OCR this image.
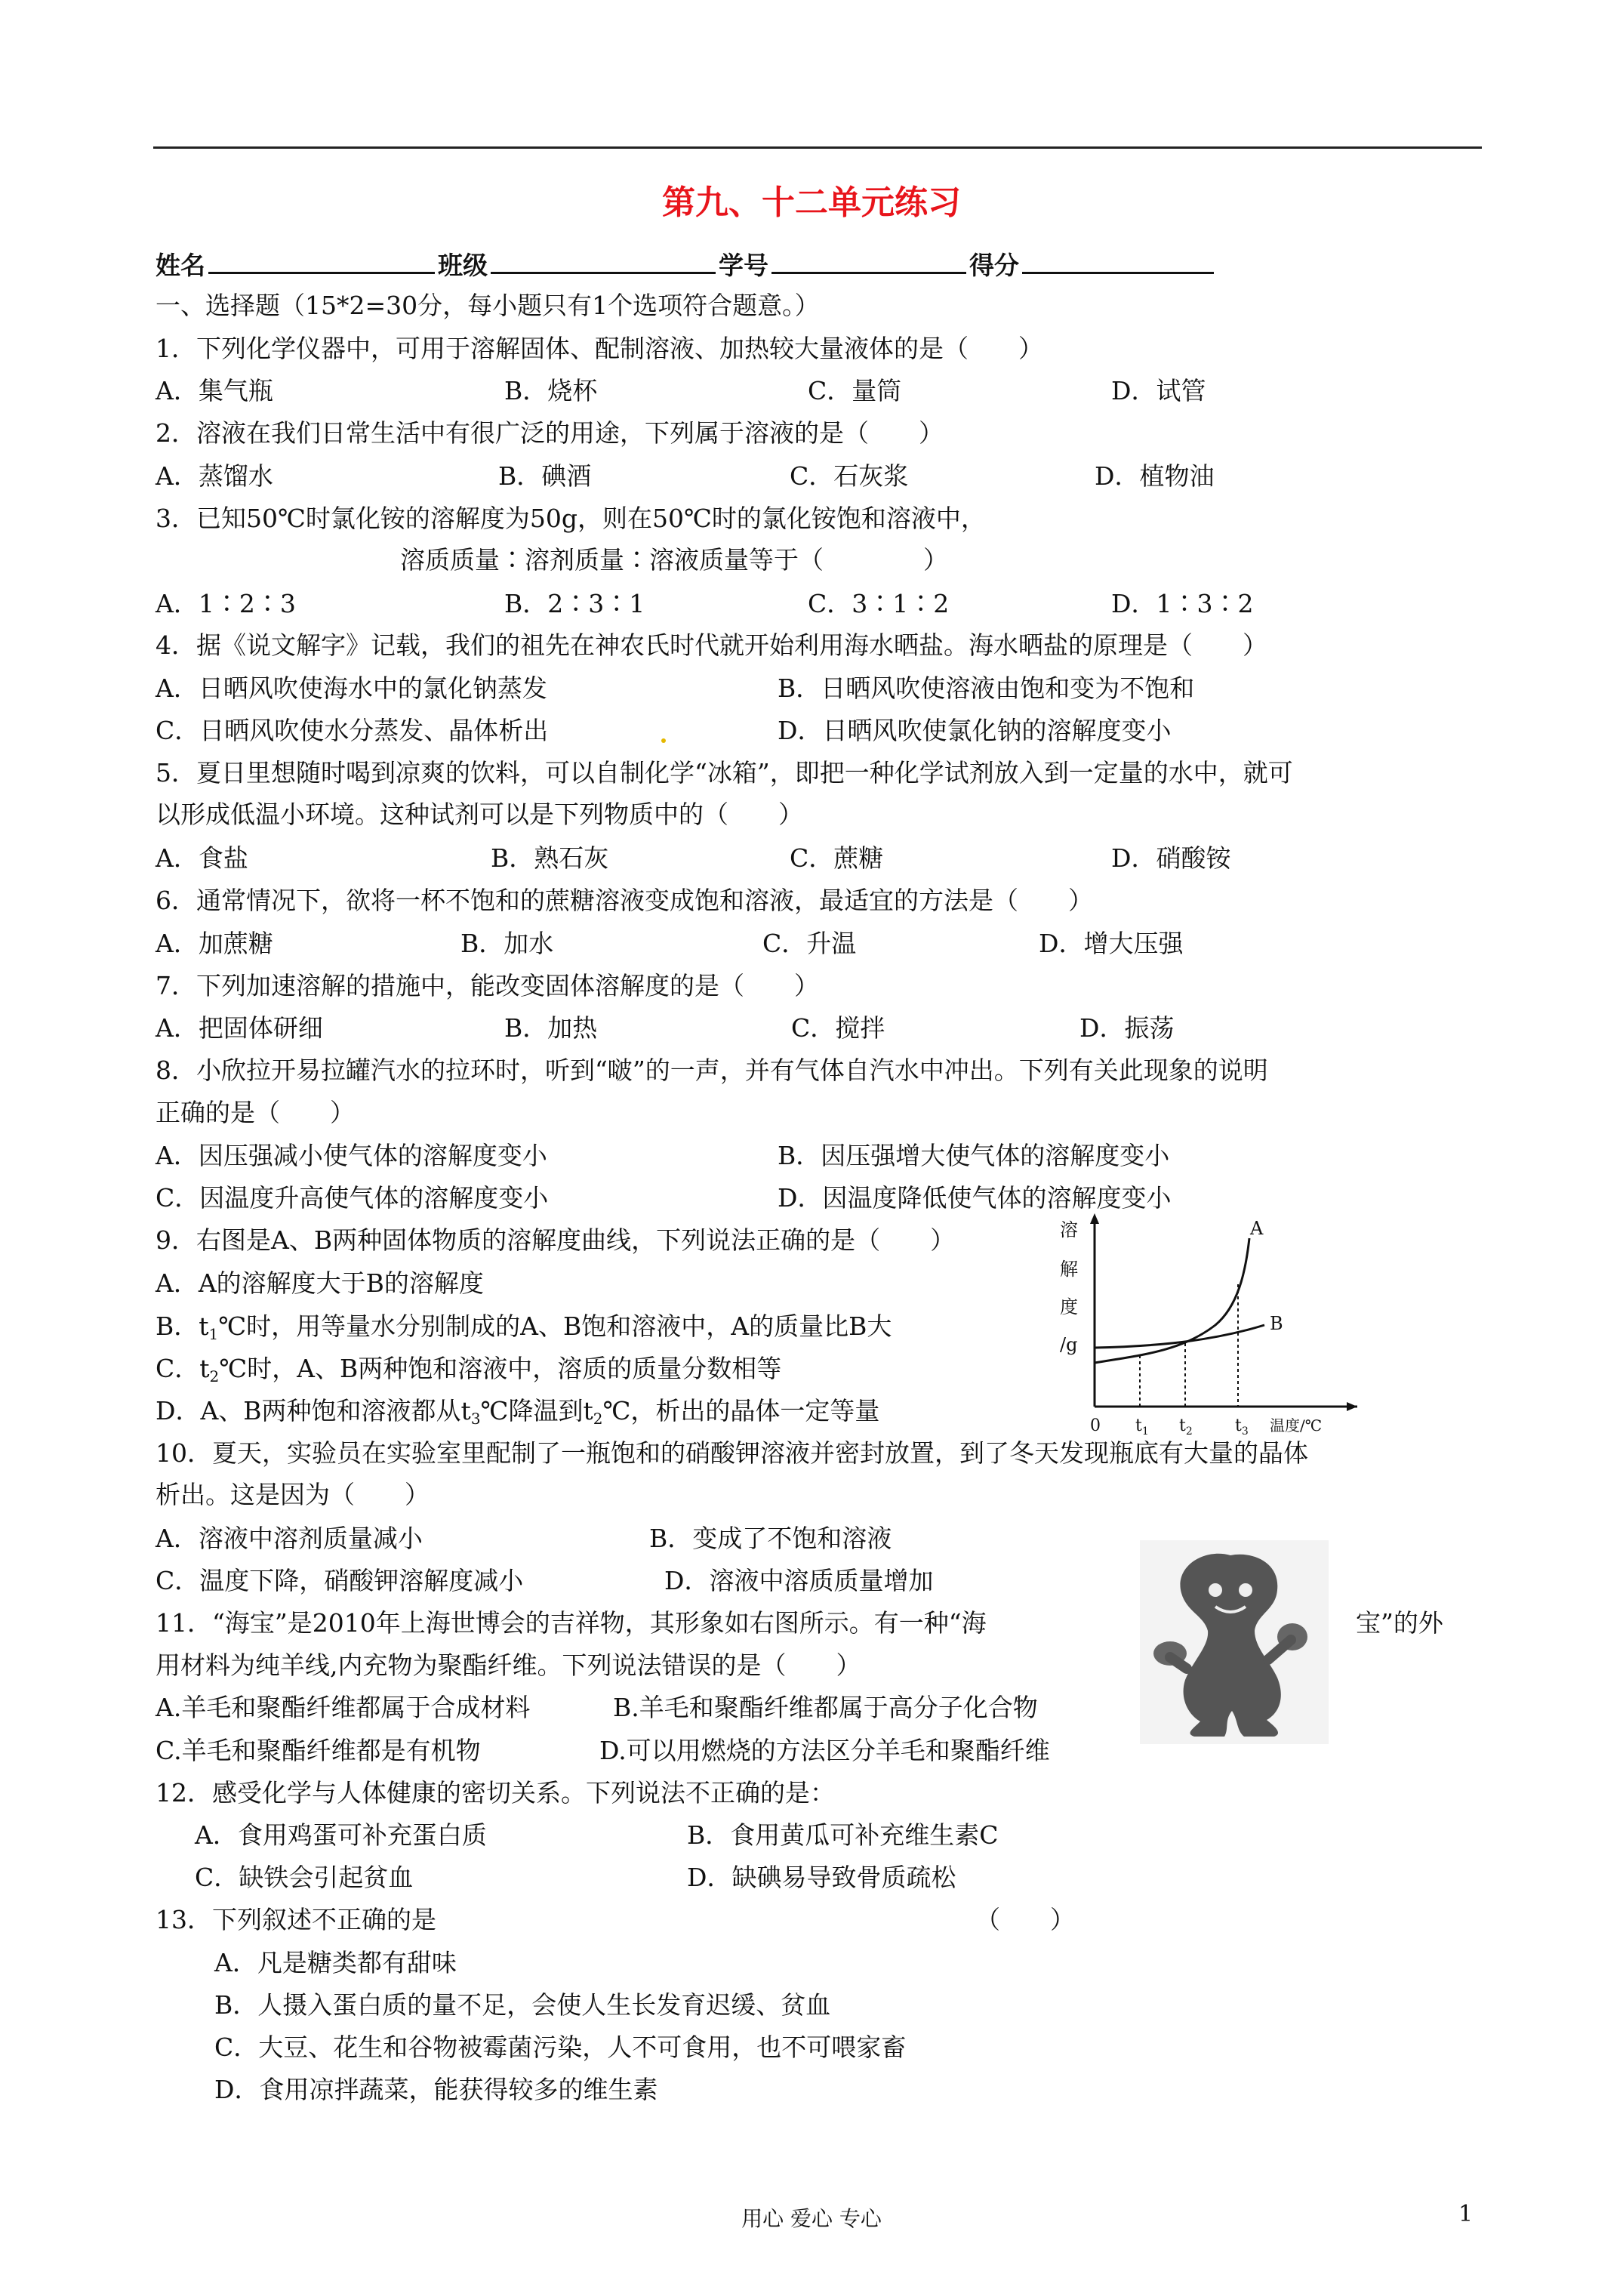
第九、十二单元练习
姓名	班级	学号	得分
一、选择题（15*2=30分，每小题只有1个选项符合题意。）
1．下列化学仪器中，可用于溶解固体、配制溶液、加热较大量液体的是（　　）
A．集气瓶	B．烧杯	C．量筒	D．试管
2．溶液在我们日常生活中有很广泛的用途，下列属于溶液的是（　　）
A．蒸馏水	B．碘酒	C．石灰浆	D．植物油
3．已知50℃时氯化铵的溶解度为50g，则在50℃时的氯化铵饱和溶液中，
溶质质量∶溶剂质量∶溶液质量等于（　　　　）
A．1∶2∶3	B．2∶3∶1	C．3∶1∶2	D．1∶3∶2
4．据《说文解字》记载，我们的祖先在神农氏时代就开始利用海水晒盐。海水晒盐的原理是（　　）
A．日晒风吹使海水中的氯化钠蒸发	B．日晒风吹使溶液由饱和变为不饱和
C．日晒风吹使水分蒸发、晶体析出	D．日晒风吹使氯化钠的溶解度变小
5．夏日里想随时喝到凉爽的饮料，可以自制化学“冰箱”，即把一种化学试剂放入到一定量的水中，就可
以形成低温小环境。这种试剂可以是下列物质中的（　　）
A．食盐	B．熟石灰	C．蔗糖	D．硝酸铵
6．通常情况下，欲将一杯不饱和的蔗糖溶液变成饱和溶液，最适宜的方法是（　　）
A．加蔗糖	B．加水	C．升温	D．增大压强
7．下列加速溶解的措施中，能改变固体溶解度的是（　　）
A．把固体研细	B．加热	C．搅拌	D．振荡
8．小欣拉开易拉罐汽水的拉环时，听到“啵”的一声，并有气体自汽水中冲出。下列有关此现象的说明
正确的是（　　）
A．因压强减小使气体的溶解度变小	B．因压强增大使气体的溶解度变小
C．因温度升高使气体的溶解度变小	D．因温度降低使气体的溶解度变小
9．右图是A、B两种固体物质的溶解度曲线，下列说法正确的是（　　）
A．A的溶解度大于B的溶解度
B．$t_1℃$时，用等量水分别制成的A、B饱和溶液中，A的质量比B大
C．$t_2℃$时，A、B两种饱和溶液中，溶质的质量分数相等
D．A、B两种饱和溶液都从$t_3℃$降温到$t_2℃$，析出的晶体一定等量
溶
解
度
/g
0 $t_1$ $t_2$	$t_3$ 温度/℃
A
B
10．夏天，实验员在实验室里配制了一瓶饱和的硝酸钾溶液并密封放置，到了冬天发现瓶底有大量的晶体
析出。这是因为（　　）
A．溶液中溶剂质量减小	B．变成了不饱和溶液
C．温度下降，硝酸钾溶解度减小	D．溶液中溶质质量增加
11．“海宝”是2010年上海世博会的吉祥物，其形象如右图所示。有一种“海	宝”的外
用材料为纯羊线,内充物为聚酯纤维。下列说法错误的是（　　）
A.羊毛和聚酯纤维都属于合成材料	B.羊毛和聚酯纤维都属于高分子化合物
C.羊毛和聚酯纤维都是有机物	D.可以用燃烧的方法区分羊毛和聚酯纤维
12．感受化学与人体健康的密切关系。下列说法不正确的是：
A．食用鸡蛋可补充蛋白质	B．食用黄瓜可补充维生素C
C．缺铁会引起贫血	D．缺碘易导致骨质疏松
13．下列叙述不正确的是	（　　）
A．凡是糖类都有甜味
B．人摄入蛋白质的量不足，会使人生长发育迟缓、贫血
C．大豆、花生和谷物被霉菌污染，人不可食用，也不可喂家畜
D．食用凉拌蔬菜，能获得较多的维生素
用心 爱心 专心	1
